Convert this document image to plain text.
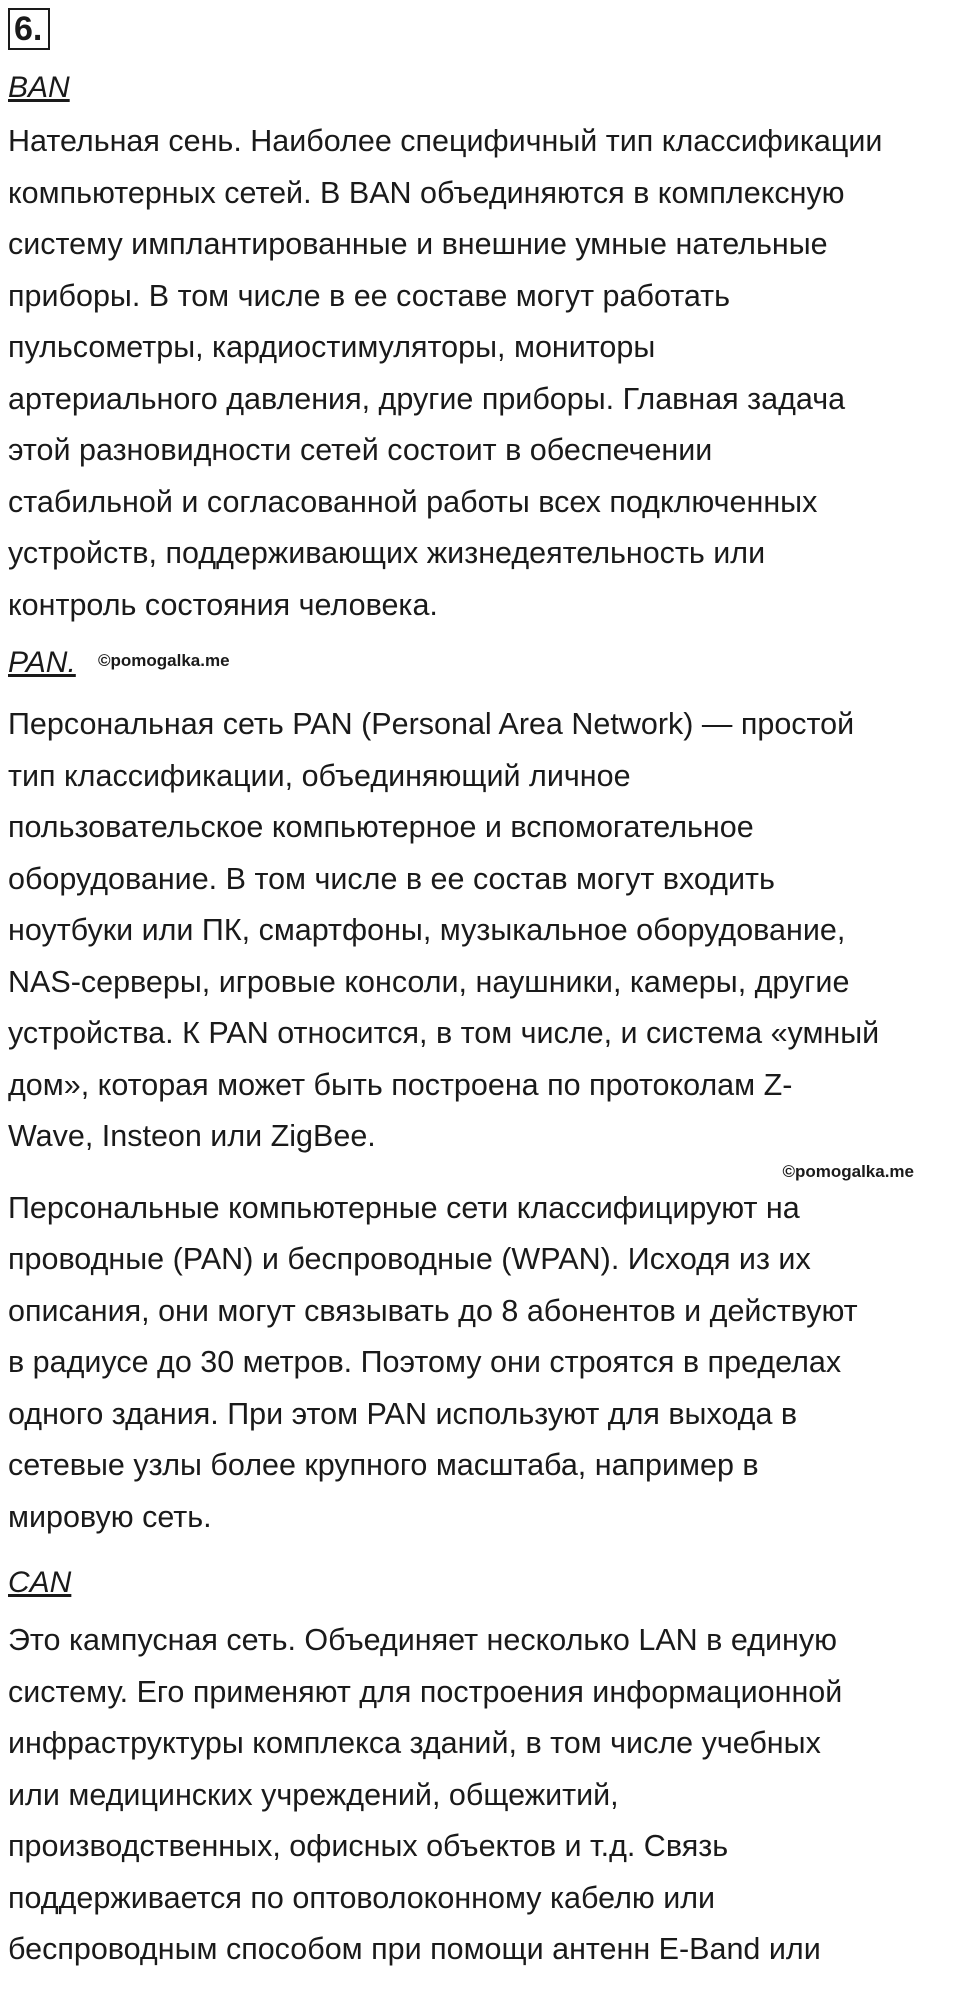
6.
BAN

Нательная сень. Наиболее специфичный тип классификации
компьютерных сетей. В BAN объединяются в комплексную
систему имплантированные и внешние умные нательные
приборы. В том числе в ее составе могут работать
пульсометры, кардиостимуляторы, мониторы
артериального давления, другие приборы. Главная задача
этой разновидности сетей состоит в обеспечении
стабильной и согласованной работы всех подключенных
устройств, поддерживающих жизнедеятельность или
контроль состояния человека.

PAN. ©pomogalka.me

Персональная сеть PAN (Personal Area Network) — простой
тип классификации, объединяющий личное
пользовательское компьютерное и вспомогательное
оборудование. В том числе в ее состав могут входить
ноутбуки или ПК, смартфоны, музыкальное оборудование,
NAS-серверы, игровые консоли, наушники, камеры, другие
устройства. К PAN относится, в том числе, и система «умный
дом», которая может быть построена по протоколам Z-
Wave, Insteon или ZigBee.

©pomogalka.me

Персональные компьютерные сети классифицируют на
проводные (PAN) и беспроводные (WPAN). Исходя из их
описания, они могут связывать до 8 абонентов и действуют
в радиусе до 30 метров. Поэтому они строятся в пределах
одного здания. При этом PAN используют для выхода в
сетевые узлы более крупного масштаба, например в
мировую сеть.

CAN

Это кампусная сеть. Объединяет несколько LAN в единую
систему. Его применяют для построения информационной
инфраструктуры комплекса зданий, в том числе учебных
или медицинских учреждений, общежитий,
производственных, офисных объектов и т.д. Связь
поддерживается по оптоволоконному кабелю или
беспроводным способом при помощи антенн E-Band или
